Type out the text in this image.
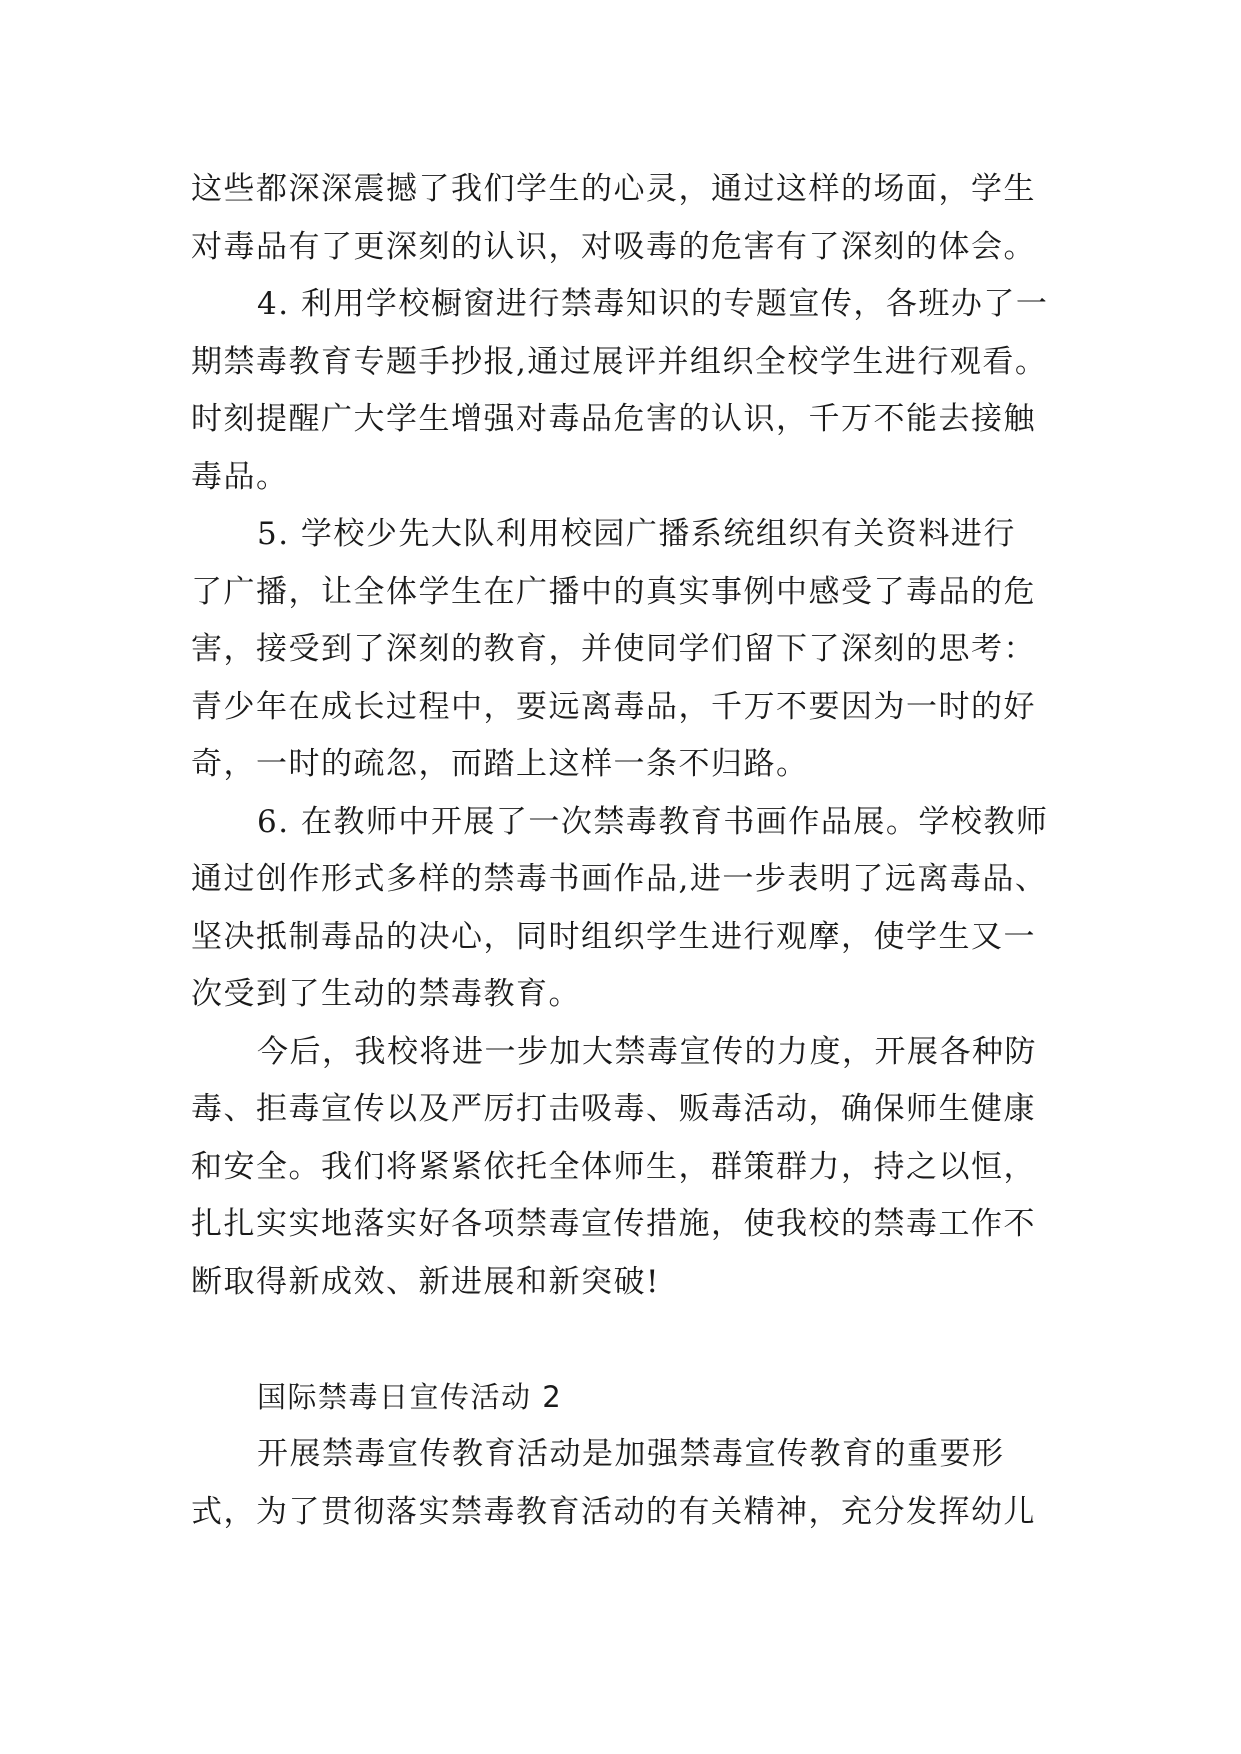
这些都深深震撼了我们学生的心灵，通过这样的场面，学生
对毒品有了更深刻的认识，对吸毒的危害有了深刻的体会。
4. 利用学校橱窗进行禁毒知识的专题宣传，各班办了一
期禁毒教育专题手抄报,通过展评并组织全校学生进行观看。
时刻提醒广大学生增强对毒品危害的认识，千万不能去接触
毒品。
5. 学校少先大队利用校园广播系统组织有关资料进行
了广播，让全体学生在广播中的真实事例中感受了毒品的危
害，接受到了深刻的教育，并使同学们留下了深刻的思考：
青少年在成长过程中，要远离毒品，千万不要因为一时的好
奇，一时的疏忽，而踏上这样一条不归路。
6. 在教师中开展了一次禁毒教育书画作品展。学校教师
通过创作形式多样的禁毒书画作品,进一步表明了远离毒品、
坚决抵制毒品的决心，同时组织学生进行观摩，使学生又一
次受到了生动的禁毒教育。
今后，我校将进一步加大禁毒宣传的力度，开展各种防
毒、拒毒宣传以及严厉打击吸毒、贩毒活动，确保师生健康
和安全。我们将紧紧依托全体师生，群策群力，持之以恒，
扎扎实实地落实好各项禁毒宣传措施，使我校的禁毒工作不
断取得新成效、新进展和新突破!
国际禁毒日宣传活动 2
开展禁毒宣传教育活动是加强禁毒宣传教育的重要形
式，为了贯彻落实禁毒教育活动的有关精神，充分发挥幼儿
